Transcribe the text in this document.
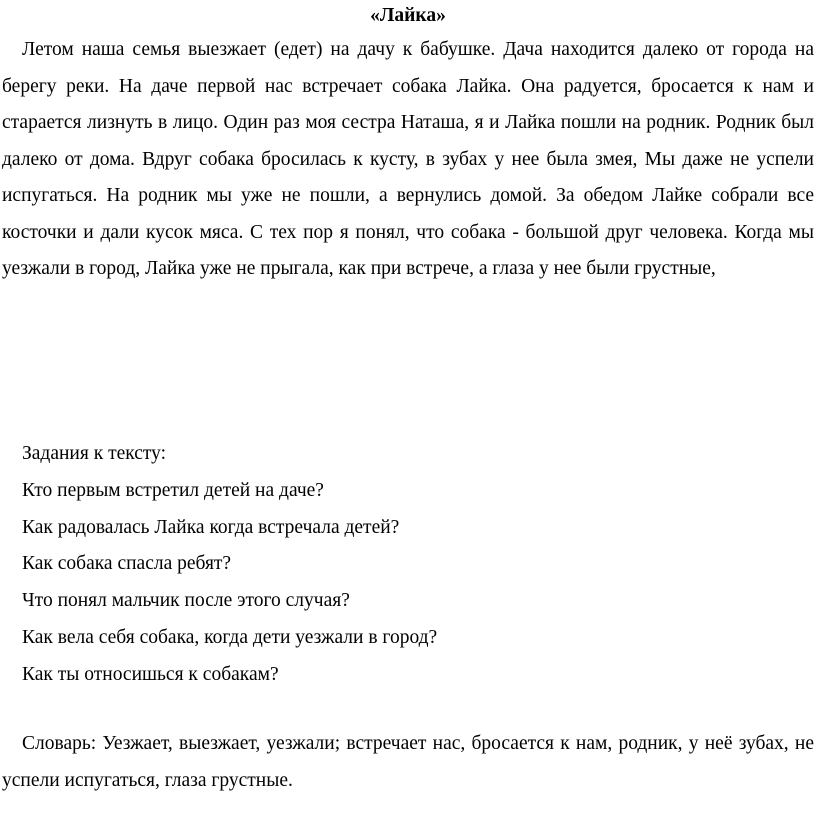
«Лайка»

Летом наша семья выезжает (едет) на дачу к бабушке. Дача находится далеко от города на берегу реки. На даче первой нас встречает собака Лайка. Она радуется, бросается к нам и старается лизнуть в лицо. Один раз моя сестра Наташа, я и Лайка пошли на родник. Родник был далеко от дома. Вдруг собака бросилась к кусту, в зубах у нее была змея, Мы даже не успели испугаться. На родник мы уже не пошли, а вернулись домой. За обедом Лайке собрали все косточки и дали кусок мяса. С тех пор я понял, что собака - большой друг человека. Когда мы уезжали в город, Лайка уже не прыгала, как при встрече, а глаза у нее были грустные,

Задания к тексту:
Кто первым встретил детей на даче?
Как радовалась Лайка когда встречала детей?
Как собака спасла ребят?
Что понял мальчик после этого случая?
Как вела себя собака, когда дети уезжали в город?
Как ты относишься к собакам?

Словарь: Уезжает, выезжает, уезжали; встречает нас, бросается к нам, родник, у неё зубах, не успели испугаться, глаза грустные.
